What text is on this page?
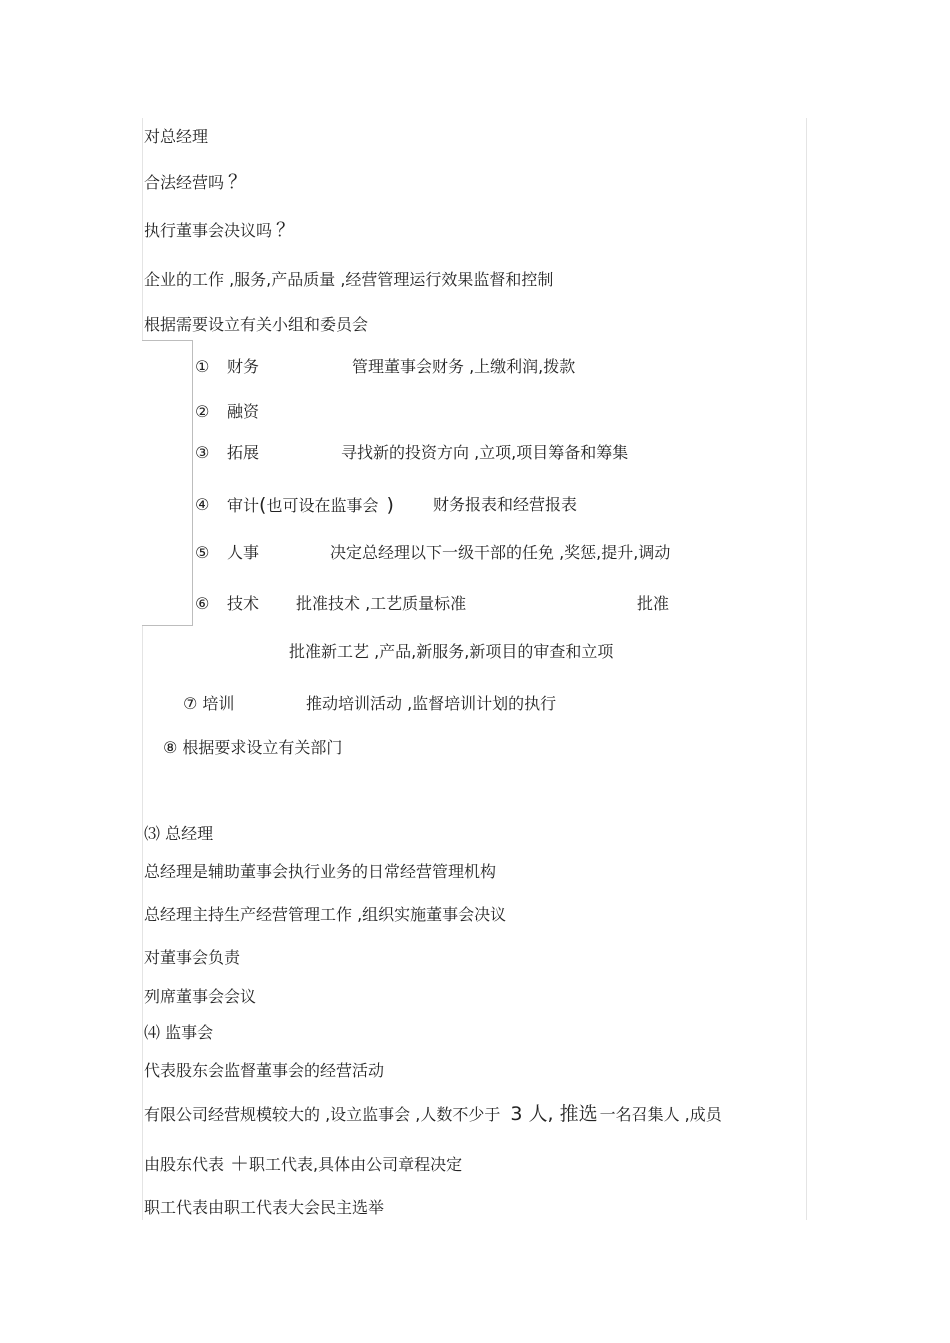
对总经理
合法经营吗 ？
执行董事会决议吗 ？
企业的工作 ,服务,产品质量 ,经营管理运行效果监督和控制
根据需要设立有关小组和委员会
① 财务	管理董事会财务 ,上缴利润,拨款
② 融资
③ 拓展	寻找新的投资方向 ,立项,项目筹备和筹集
④ 审计(也可设在监事会 ) 财务报表和经营报表
⑤ 人事	决定总经理以下一级干部的任免 ,奖惩,提升,调动
⑥ 技术 批准技术 ,工艺质量标准	批准
批准新工艺 ,产品,新服务,新项目的审查和立项
⑦ 培训	推动培训活动 ,监督培训计划的执行
⑧ 根据要求设立有关部门
⑶ 总经理
总经理是辅助董事会执行业务的日常经营管理机构
总经理主持生产经营管理工作 ,组织实施董事会决议
对董事会负责
列席董事会会议
⑷ 监事会
代表股东会监督董事会的经营活动
有限公司经营规模较大的 ,设立监事会 ,人数不少于 3 人, 推选 一名召集人 ,成员
由股东代表 ＋职工代表,具体由公司章程决定
职工代表由职工代表大会民主选举
